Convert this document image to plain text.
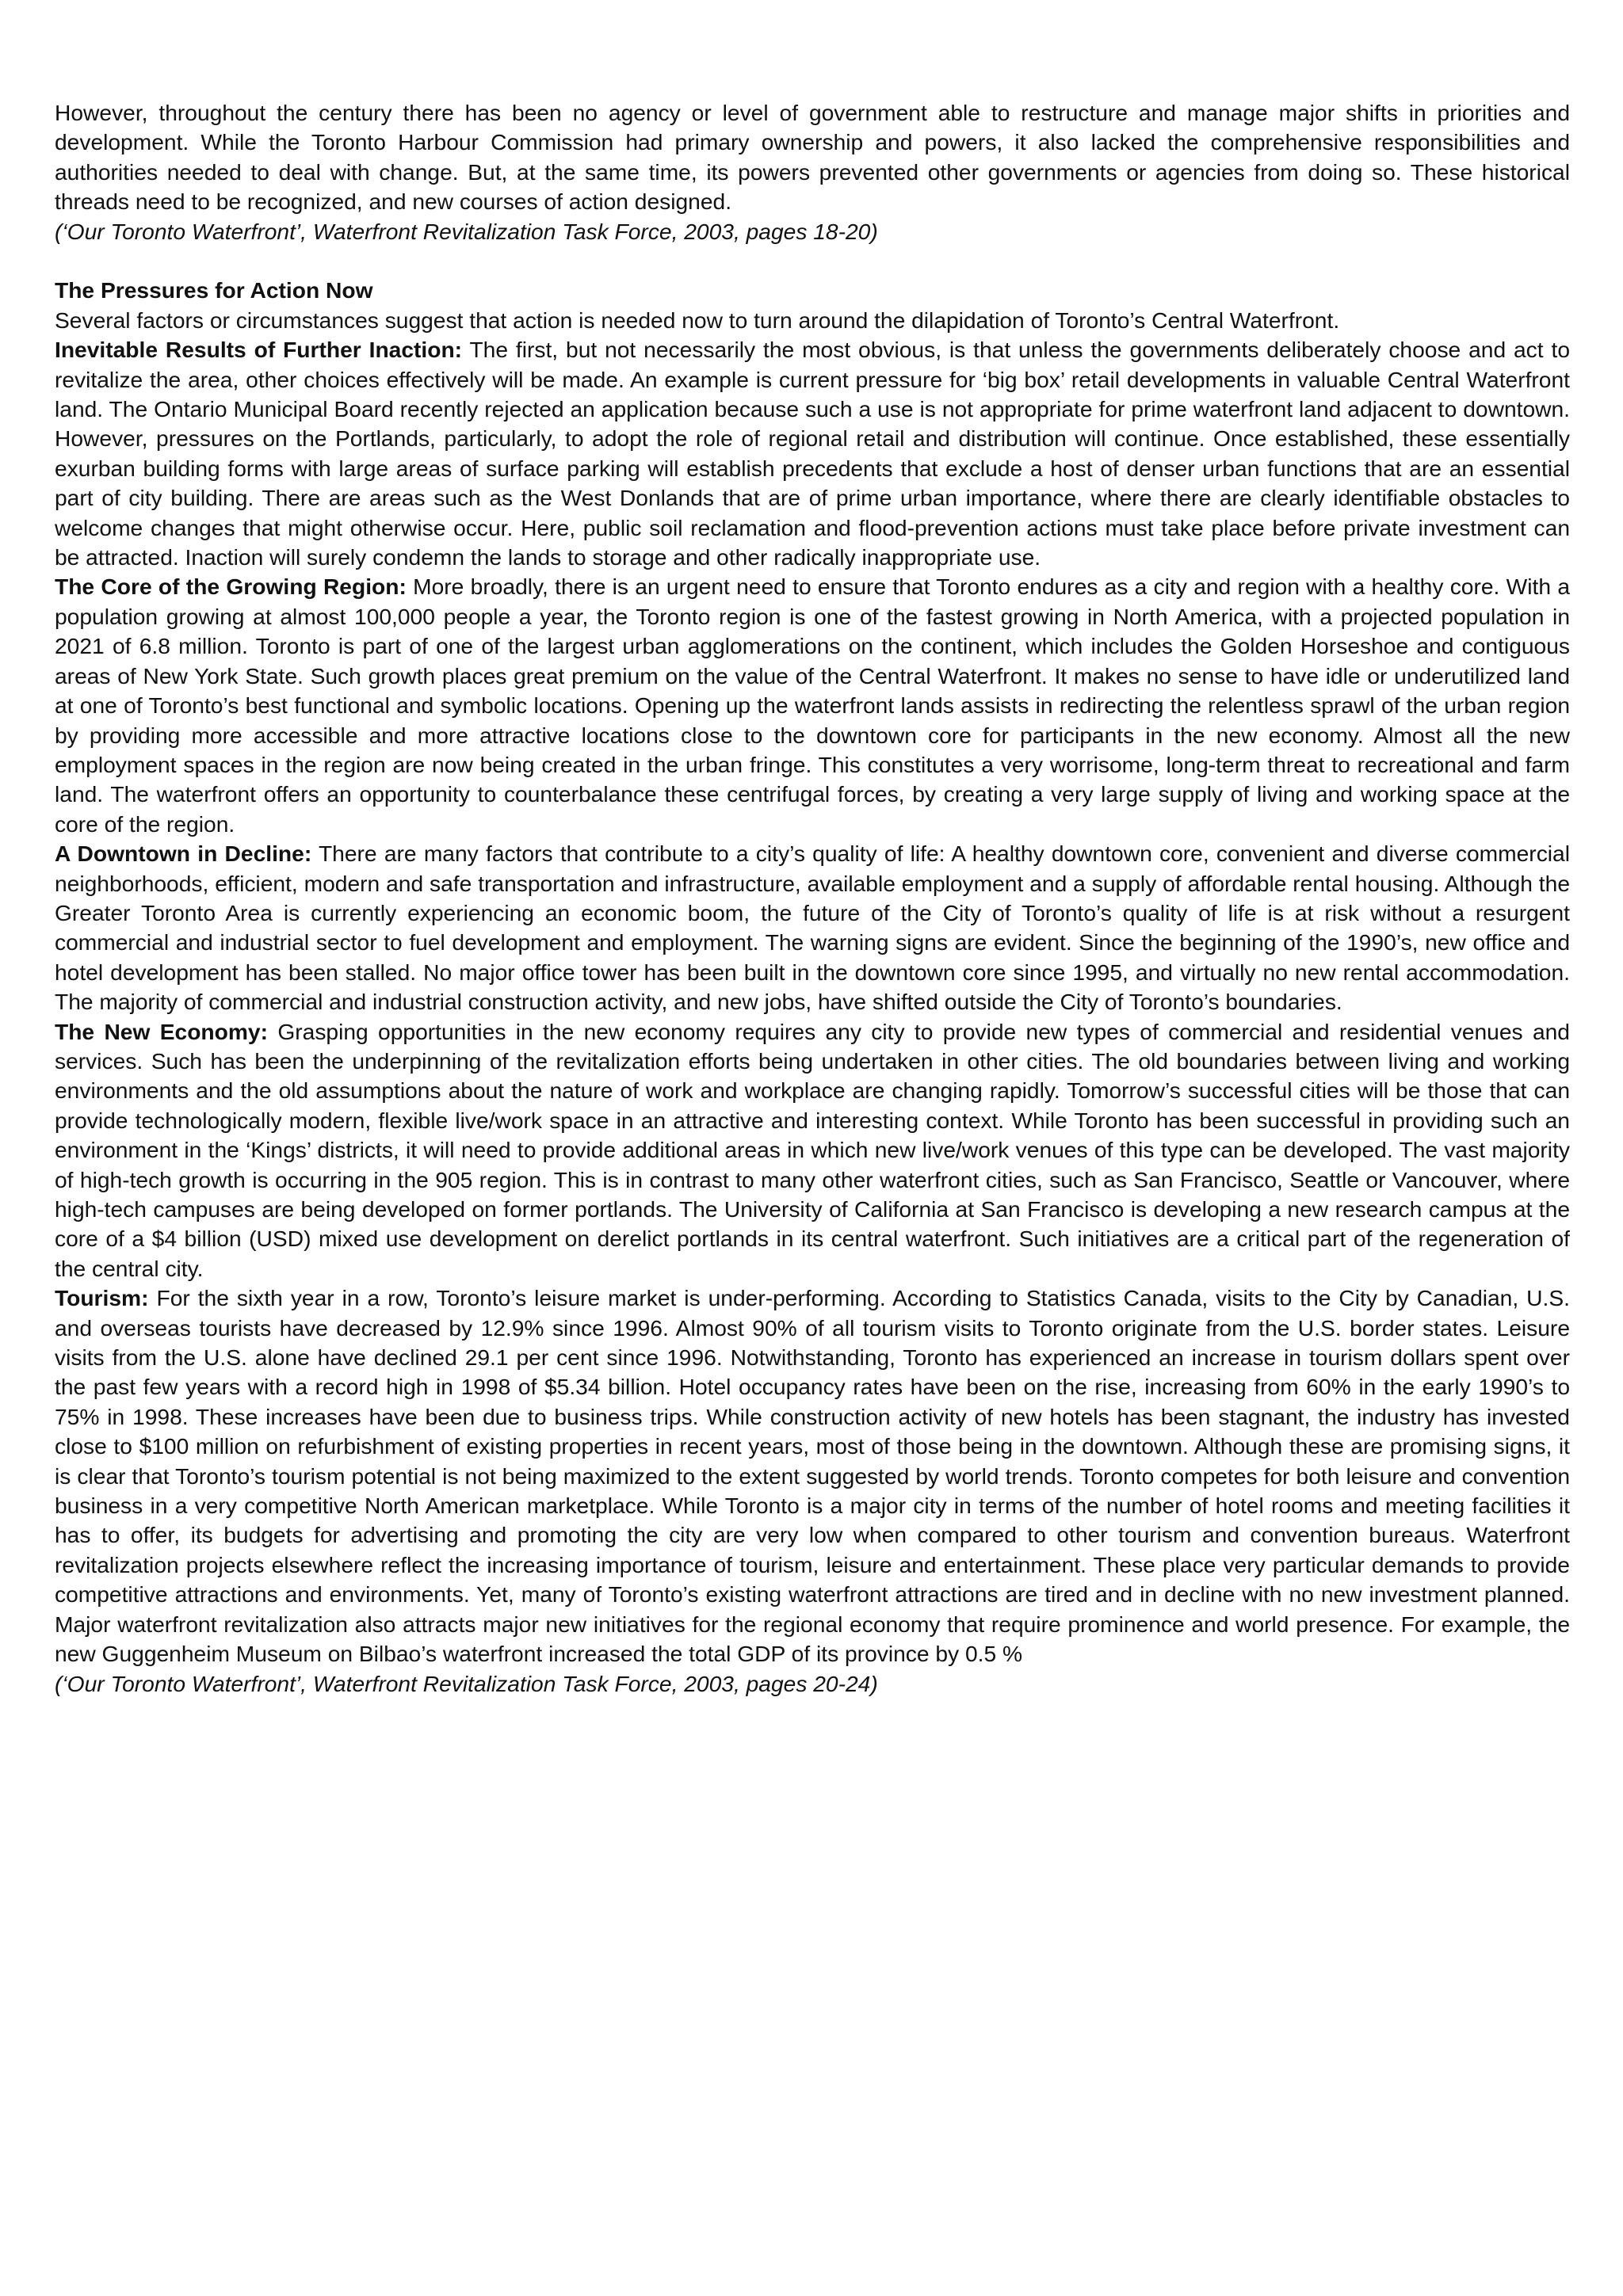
However, throughout the century there has been no agency or level of government able to restructure and manage major shifts in priorities and development. While the Toronto Harbour Commission had primary ownership and powers, it also lacked the comprehensive responsibilities and authorities needed to deal with change. But, at the same time, its powers prevented other governments or agencies from doing so. These historical threads need to be recognized, and new courses of action designed.

(‘Our Toronto Waterfront’, Waterfront Revitalization Task Force, 2003, pages 18-20)

The Pressures for Action Now

Several factors or circumstances suggest that action is needed now to turn around the dilapidation of Toronto’s Central Waterfront.

Inevitable Results of Further Inaction: The first, but not necessarily the most obvious, is that unless the governments deliberately choose and act to revitalize the area, other choices effectively will be made. An example is current pressure for ‘big box’ retail developments in valuable Central Waterfront land. The Ontario Municipal Board recently rejected an application because such a use is not appropriate for prime waterfront land adjacent to downtown. However, pressures on the Portlands, particularly, to adopt the role of regional retail and distribution will continue. Once established, these essentially exurban building forms with large areas of surface parking will establish precedents that exclude a host of denser urban functions that are an essential part of city building. There are areas such as the West Donlands that are of prime urban importance, where there are clearly identifiable obstacles to welcome changes that might otherwise occur. Here, public soil reclamation and flood-prevention actions must take place before private investment can be attracted. Inaction will surely condemn the lands to storage and other radically inappropriate use.

The Core of the Growing Region: More broadly, there is an urgent need to ensure that Toronto endures as a city and region with a healthy core. With a population growing at almost 100,000 people a year, the Toronto region is one of the fastest growing in North America, with a projected population in 2021 of 6.8 million. Toronto is part of one of the largest urban agglomerations on the continent, which includes the Golden Horseshoe and contiguous areas of New York State. Such growth places great premium on the value of the Central Waterfront. It makes no sense to have idle or underutilized land at one of Toronto’s best functional and symbolic locations. Opening up the waterfront lands assists in redirecting the relentless sprawl of the urban region by providing more accessible and more attractive locations close to the downtown core for participants in the new economy. Almost all the new employment spaces in the region are now being created in the urban fringe. This constitutes a very worrisome, long-term threat to recreational and farm land. The waterfront offers an opportunity to counterbalance these centrifugal forces, by creating a very large supply of living and working space at the core of the region.

A Downtown in Decline: There are many factors that contribute to a city’s quality of life: A healthy downtown core, convenient and diverse commercial neighborhoods, efficient, modern and safe transportation and infrastructure, available employment and a supply of affordable rental housing. Although the Greater Toronto Area is currently experiencing an economic boom, the future of the City of Toronto’s quality of life is at risk without a resurgent commercial and industrial sector to fuel development and employment. The warning signs are evident. Since the beginning of the 1990’s, new office and hotel development has been stalled. No major office tower has been built in the downtown core since 1995, and virtually no new rental accommodation. The majority of commercial and industrial construction activity, and new jobs, have shifted outside the City of Toronto’s boundaries.

The New Economy: Grasping opportunities in the new economy requires any city to provide new types of commercial and residential venues and services. Such has been the underpinning of the revitalization efforts being undertaken in other cities. The old boundaries between living and working environments and the old assumptions about the nature of work and workplace are changing rapidly. Tomorrow’s successful cities will be those that can provide technologically modern, flexible live/work space in an attractive and interesting context. While Toronto has been successful in providing such an environment in the ‘Kings’ districts, it will need to provide additional areas in which new live/work venues of this type can be developed. The vast majority of high-tech growth is occurring in the 905 region. This is in contrast to many other waterfront cities, such as San Francisco, Seattle or Vancouver, where high-tech campuses are being developed on former portlands. The University of California at San Francisco is developing a new research campus at the core of a $4 billion (USD) mixed use development on derelict portlands in its central waterfront. Such initiatives are a critical part of the regeneration of the central city.

Tourism: For the sixth year in a row, Toronto’s leisure market is under-performing. According to Statistics Canada, visits to the City by Canadian, U.S. and overseas tourists have decreased by 12.9% since 1996. Almost 90% of all tourism visits to Toronto originate from the U.S. border states. Leisure visits from the U.S. alone have declined 29.1 per cent since 1996. Notwithstanding, Toronto has experienced an increase in tourism dollars spent over the past few years with a record high in 1998 of $5.34 billion. Hotel occupancy rates have been on the rise, increasing from 60% in the early 1990’s to 75% in 1998. These increases have been due to business trips. While construction activity of new hotels has been stagnant, the industry has invested close to $100 million on refurbishment of existing properties in recent years, most of those being in the downtown. Although these are promising signs, it is clear that Toronto’s tourism potential is not being maximized to the extent suggested by world trends. Toronto competes for both leisure and convention business in a very competitive North American marketplace. While Toronto is a major city in terms of the number of hotel rooms and meeting facilities it has to offer, its budgets for advertising and promoting the city are very low when compared to other tourism and convention bureaus. Waterfront revitalization projects elsewhere reflect the increasing importance of tourism, leisure and entertainment. These place very particular demands to provide competitive attractions and environments. Yet, many of Toronto’s existing waterfront attractions are tired and in decline with no new investment planned. Major waterfront revitalization also attracts major new initiatives for the regional economy that require prominence and world presence. For example, the new Guggenheim Museum on Bilbao’s waterfront increased the total GDP of its province by 0.5 %

(‘Our Toronto Waterfront’, Waterfront Revitalization Task Force, 2003, pages 20-24)
